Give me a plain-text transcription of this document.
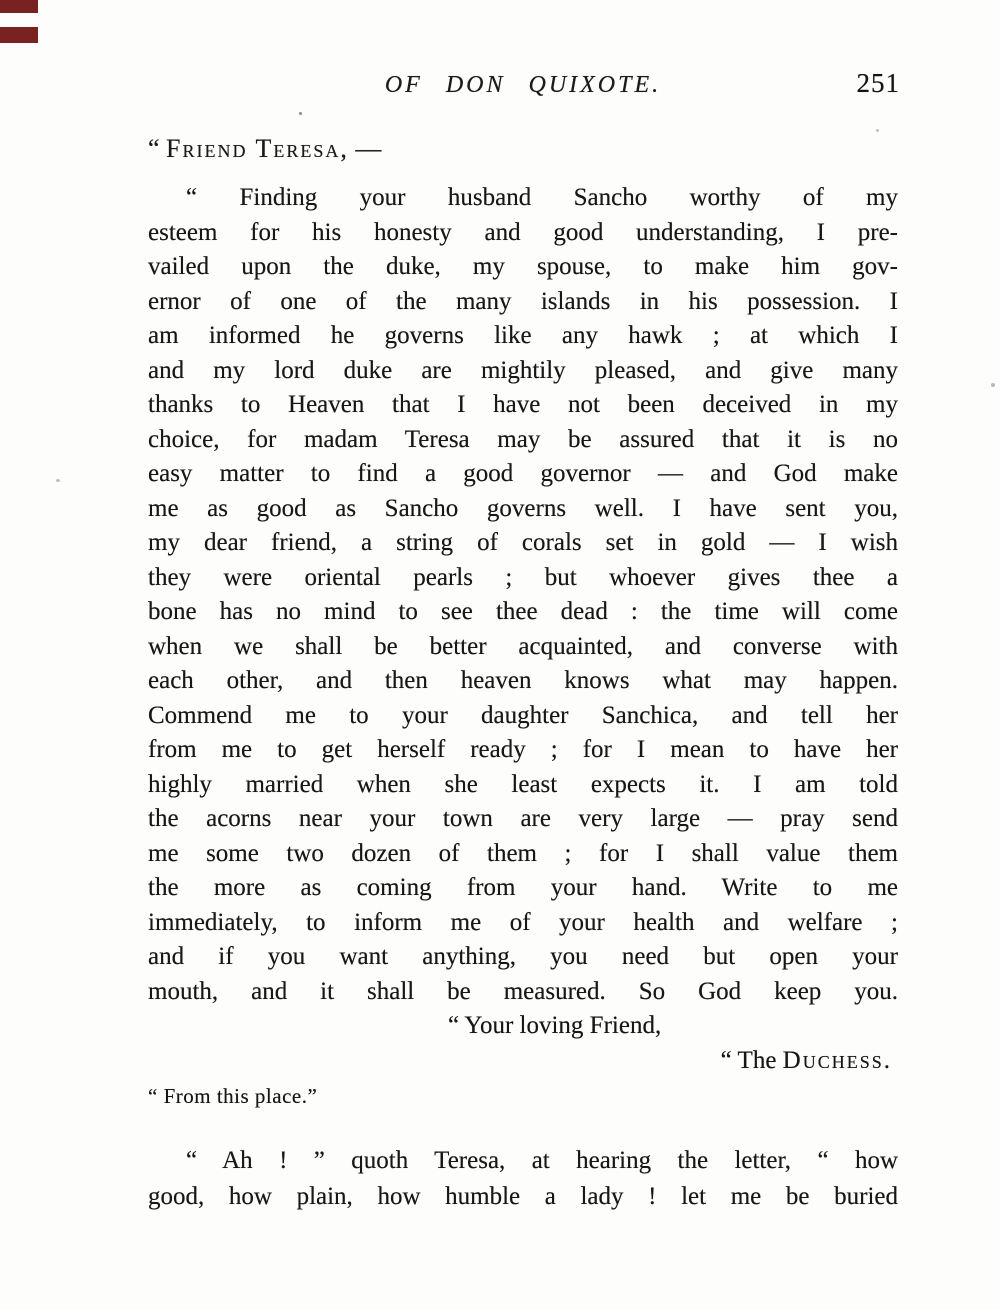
OF DON QUIXOTE.	251
“ Friend Teresa, —
“ Finding your husband Sancho worthy of my
esteem for his honesty and good understanding, I pre-
vailed upon the duke, my spouse, to make him gov-
ernor of one of the many islands in his possession. I
am informed he governs like any hawk ; at which I
and my lord duke are mightily pleased, and give many
thanks to Heaven that I have not been deceived in my
choice, for madam Teresa may be assured that it is no
easy matter to find a good governor — and God make
me as good as Sancho governs well. I have sent you,
my dear friend, a string of corals set in gold — I wish
they were oriental pearls ; but whoever gives thee a
bone has no mind to see thee dead : the time will come
when we shall be better acquainted, and converse with
each other, and then heaven knows what may happen.
Commend me to your daughter Sanchica, and tell her
from me to get herself ready ; for I mean to have her
highly married when she least expects it. I am told
the acorns near your town are very large — pray send
me some two dozen of them ; for I shall value them
the more as coming from your hand. Write to me
immediately, to inform me of your health and welfare ;
and if you want anything, you need but open your
mouth, and it shall be measured. So God keep you.
“ Your loving Friend,
“ The Duchess.
“ From this place.”
“ Ah ! ” quoth Teresa, at hearing the letter, “ how
good, how plain, how humble a lady ! let me be buried
